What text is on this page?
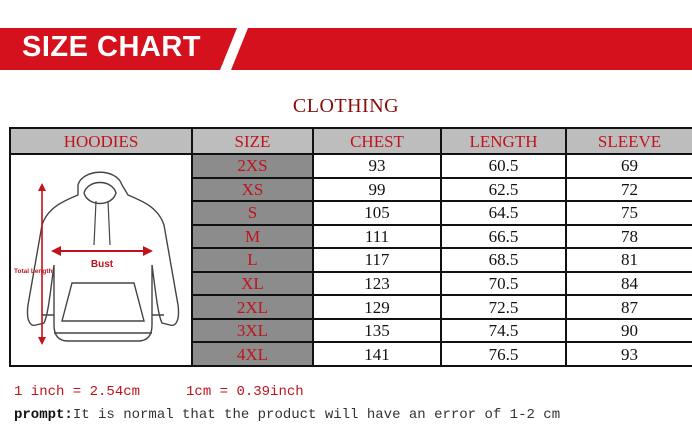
SIZE CHART
CLOTHING
HOODIES	SIZE	CHEST	LENGTH	SLEEVE

Bust
Total Length	2XS	93	60.5	69
	XS	99	62.5	72
	S	105	64.5	75
	M	111	66.5	78
	L	117	68.5	81
	XL	123	70.5	84
	2XL	129	72.5	87
	3XL	135	74.5	90
	4XL	141	76.5	93
1 inch = 2.54cm	1cm = 0.39inch
prompt:It is normal that the product will have an error of 1-2 cm
